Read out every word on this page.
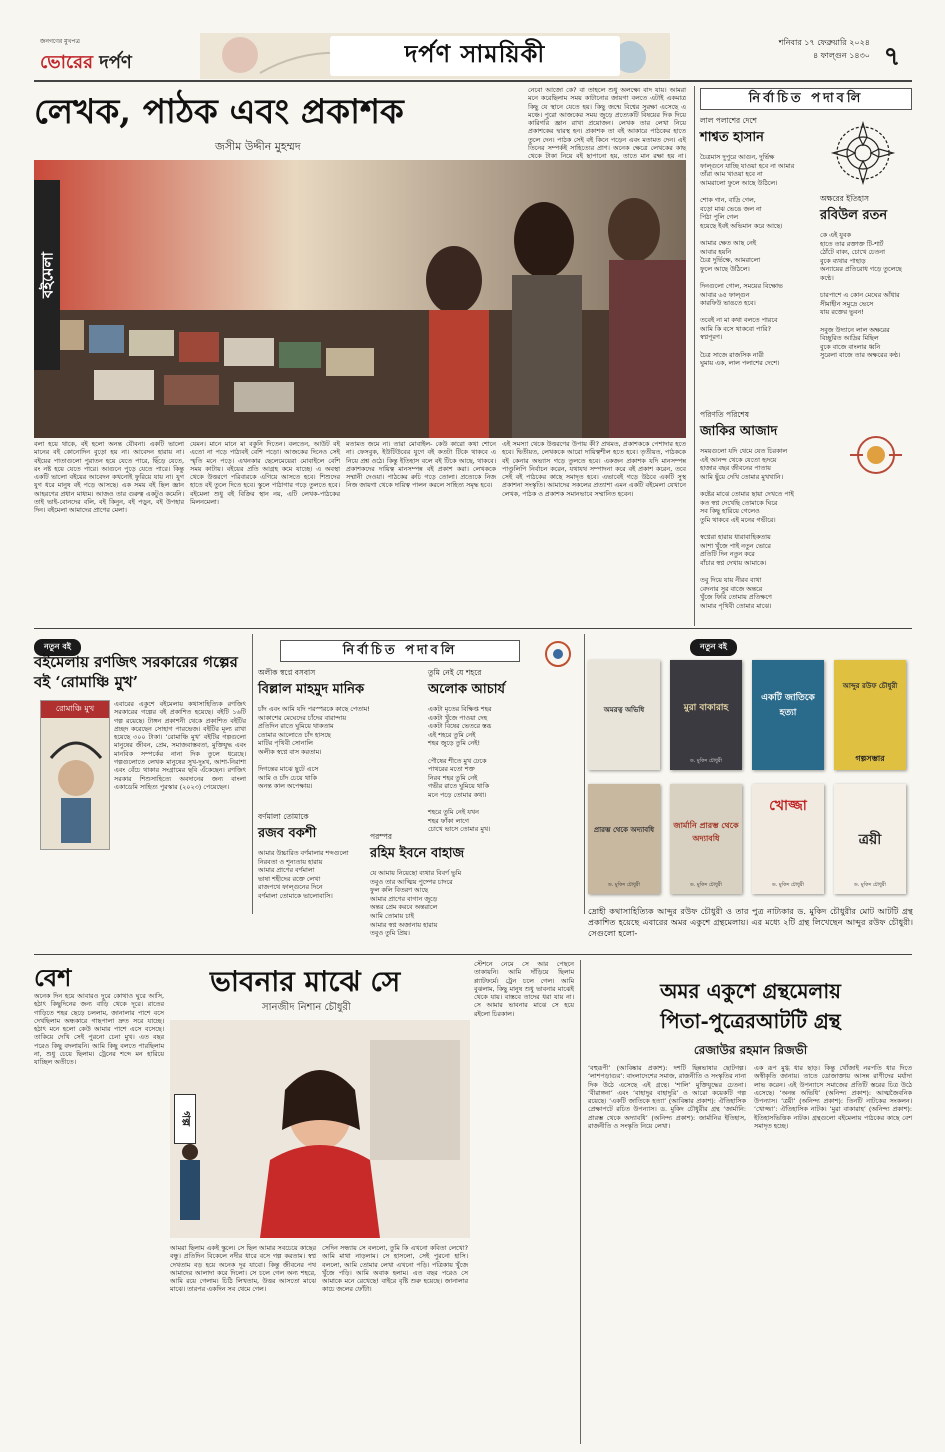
জনগণের মুখপত্র
ভোরের দর্পণ	দর্পণ সাময়িকী	শনিবার ১৭ ফেব্রুয়ারি ২০২৪
৪ ফাল্গুন ১৪৩০ ৭
লেখক, পাঠক এবং প্রকাশক
জসীম উদ্দীন মুহম্মদ
নেবো আজো কে? বা তাহলে শুধু অলক্ষ্যে বাদ যায়। আমরা মনে করেছিলাম সময় কাটানোর জায়গা বলতে এটাই একমাত্র কিছু যে স্থানে যেতে হয়। কিছু জন্মে বিশ্বের সুরক্ষা এসেছে এ মঞ্চে। পুরো আজকের সময় জুড়ে প্রত্যেকটি বিষয়ের দিক দিয়ে কারিগরি জ্ঞান রাখা প্রয়োজন। লেখক তার লেখা নিয়ে প্রকাশকের দ্বারস্থ হন। প্রকাশক তা বই আকারে পাঠকের হাতে তুলে দেন। পাঠক সেই বই কিনে পড়েন এবং মতামত দেন। এই তিনের সম্পর্কই সাহিত্যের প্রাণ। অনেক ক্ষেত্রে লেখকের কাছ থেকে টাকা নিয়ে বই ছাপানো হয়, তাতে মান রক্ষা হয় না।
বইমেলা
বলা হয়ে থাকে, বই হলো অনন্ত যৌবনা। একটি ভালো মানের বই কোনোদিন বুড়ো হয় না। আবেদন হারায় না। বইয়ের পাতাগুলো পুরাতন হয়ে যেতে পারে, ছিঁড়ে যেতে, রং নষ্ট হয়ে যেতে পারে। আগুনে পুড়ে যেতে পারে। কিন্তু একটি ভালো বইয়ের আবেদন কখনোই ফুরিয়ে যায় না। যুগ যুগ ধরে মানুষ বই পড়ে আসছে। এক সময় বই ছিল জ্ঞান আহরণের প্রধান মাধ্যম। আজও তার গুরুত্ব একটুও কমেনি। তাই ভাই-বোনদের বলি, বই কিনুন, বই পড়ুন, বই উপহার দিন। বইমেলা আমাদের প্রাণের মেলা।
যেমন। মানে মানে মা বকুনি দিতেন। বলতেন, আউট বই এতো না পড়ে পাঠ্যবই বেশি পড়ো। আজকের দিনেও সেই স্মৃতি মনে পড়ে। এখনকার ছেলেমেয়েরা মোবাইলে বেশি সময় কাটায়। বইয়ের প্রতি আগ্রহ কমে যাচ্ছে। এ অবস্থা থেকে উত্তরণে পরিবারকে এগিয়ে আসতে হবে। শিশুদের হাতে বই তুলে দিতে হবে। স্কুলে পাঠাগার গড়ে তুলতে হবে। বইমেলা শুধু বই বিক্রির স্থান নয়, এটি লেখক-পাঠকের মিলনমেলা।
মতামত জমে না। তারা মোবাইল- কেউ কারো কথা শোনে না। ফেসবুক, ইউটিউবের যুগে বই কতটা টিকে থাকবে এ নিয়ে প্রশ্ন ওঠে। কিন্তু ইতিহাস বলে বই টিকে আছে, থাকবে। প্রকাশকদের দায়িত্ব মানসম্পন্ন বই প্রকাশ করা। লেখককে সম্মানী দেওয়া। পাঠকের রুচি গড়ে তোলা। প্রত্যেকে নিজ নিজ জায়গা থেকে দায়িত্ব পালন করলে সাহিত্য সমৃদ্ধ হবে।
এই সমস্যা থেকে উত্তরণের উপায় কী? প্রথমত, প্রকাশককে পেশাদার হতে হবে। দ্বিতীয়ত, লেখককে আরো দায়িত্বশীল হতে হবে। তৃতীয়ত, পাঠককে বই কেনার অভ্যাস গড়ে তুলতে হবে। একজন প্রকাশক যদি মানসম্পন্ন পাণ্ডুলিপি নির্বাচন করেন, যথাযথ সম্পাদনা করে বই প্রকাশ করেন, তবে সেই বই পাঠকের কাছে সমাদৃত হবে। এভাবেই গড়ে উঠবে একটি সুস্থ প্রকাশনা সংস্কৃতি। আমাদের সকলের প্রত্যাশা এমন একটি বইমেলা যেখানে লেখক, পাঠক ও প্রকাশক সমানভাবে সম্মানিত হবেন।
নির্বাচিত পদাবলি
লাল পলাশের দেশে
শাশ্বত হাসান
চৈত্রমাস দুপুরে আগুন, দুর্ভিক্ষ
ফাল্গুনে যাচ্ছি যাওয়া হবে না আমার
তাঁরা আম খাওয়া হবে না
আমরালো ফুলে আছে উঠিলে।

শোক গান, বাদ্রি গেল,
বড়ো মাঝ ভেঙে জল না
পিঠা পুলি গেল
হয়েছে ইবই অভিমান করে আছে।

আমার ক্ষেত আছ নেই
আবার হয়নি
চৈত্র দুর্ভিক্ষে, আমরালো
ফুলে আছে উঠিলে।

দিনগুলো গোল, সময়ের বিক্ষোভ
আবার ৬৫ ফাল্গুন
কারফিউ ভাঙতে হবে।

তবেই না মা কথা বলতে পারবে
আমি কি বসে থাকবো পারি?
স্বপ্নপূরণ।

চৈত্র সাজে রাজসিক নারী
ঘুমায় এক, লাল পলাশের দেশে।
অক্ষরের ইতিহাস
রবিউল রতন
কে এই যুবক
হাতে তার রক্তাক্ত টি-শার্ট
ঠোঁটে বাক্য, চোখে চেতনা
বুকে ব্যথার পাহাড়
অন্যায়ের প্রতিরোধ গড়ে তুলেছে কণ্ঠে।

চারপাশে এ কোন মেঘের আঁধার
সীমাহীন সমুদ্রে ভেসে
যায় রক্তের ভুবন!

সবুজ উদ্যানে লাল অক্ষরের
বিচ্ছুরিত আদ্রির মিছিল
বুকে বাজে বাংলার ধ্বনি
সুরেলা বাজে তার অক্ষরের কণ্ঠ।
পরিণতি পরিশেষ
জাকির আজাদ
সময়গুলো যদি থেমে যেত চিরকাল
এই আনন্দ থেকে যেতো হৃদয়ে
হাজার বছর জীবনের পাতায়
আমি ছুঁয়ে দেখি তোমার মুখখানি।

কষ্টের মাঝে তোমার ছায়া দেখতে পাই
কত স্বপ্ন দেখেছি তোমাকে ঘিরে
সব কিছু হারিয়ে গেলেও
তুমি থাকবে এই মনের গভীরে।

স্বপ্নেরা হারায় ধারাবাহিকতায়
আশা খুঁজে পাই নতুন ভোরে
প্রতিটি দিন নতুন করে
বাঁচার স্বপ্ন দেখায় আমাকে।

তবু দিয়ে যায় নীরব ব্যথা
বেদনার সুর বাজে অন্তরে
খুঁজে ফিরি তোমায় প্রতিক্ষণে
আমার পৃথিবী তোমার মাঝে।
নতুন বই
বইমেলায় রণজিৎ সরকারের গল্পের বই ‘রোমাঞ্চি মুখ’
রোমাঞ্চি মুখ	এবারের একুশে বইমেলায় কথাসাহিত্যিক রণজিৎ সরকারের গল্পের বই প্রকাশিত হয়েছে। বইটি ১৬টি গল্প রয়েছে। টাঙ্গন প্রকাশনী থেকে প্রকাশিত বইটির প্রচ্ছদ করেছেন সোহাগ পারভেজ। বইটির মূল্য রাখা হয়েছে ৩০০ টাকা। ‘রোমাঞ্চি মুখ’ বইটির গল্পগুলো মানুষের জীবন, প্রেম, সমাজবাস্তবতা, মুক্তিযুদ্ধ এবং মানবিক সম্পর্কের নানা দিক তুলে ধরেছে। গল্পগুলোতে লেখক মানুষের সুখ-দুঃখ, আশা-নিরাশা এবং বেঁচে থাকার সংগ্রামের ছবি এঁকেছেন। রণজিৎ সরকার শিশুসাহিত্যে অবদানের জন্য বাংলা একাডেমি সাহিত্য পুরস্কার (২০২৩) পেয়েছেন।

নির্বাচিত পদাবলি
অলীক স্বপ্নে বসবাস
বিল্লাল মাহমুদ মানিক
চাঁদ এবং আমি যদি পরস্পরকে কাছে পেতাম!
আকাশের মেঘেদের চাঁদের বারান্দায়
প্রতিদিন রাতে ঘুমিয়ে থাকতাম
তোমার আলোতে চাঁদ হাসছে
মাটির পৃথিবী সোনালি
অলীক স্বপ্নে বাস করতাম।

দিগন্তের মাঝে ছুটে এসে
আমি ও চাঁদ চেয়ে থাকি
অনন্ত কাল অপেক্ষায়।
বর্ণমালা তোমাকে
রজব বকশী
আমার উচ্চারিত বর্ণমালার শব্দগুলো
নিরবতা ও শূন্যতায় হারায়
আমার প্রাণের বর্ণমালা
ভাষা শহীদের রক্তে লেখা
রাজপথে ফাল্গুনের দিনে
বর্ণমালা তোমাকে ভালোবাসি।
তুমি নেই যে শহরে
অলোক আচার্য
একটা মৃতের বিক্ষিপ্ত শহর
একটা খুঁজে পাওয়া দেহ
একটা বিষের ভেতরে স্তব্ধ
এই শহরে তুমি নেই
শহর জুড়ে তুমি নেই!

পৌষের শীতে মুখ ঢেকে
পাথরের মতো শক্ত
নিরব শহর তুমি নেই
গভীর রাতে ঘুমিয়ে থাকি
মনে পড়ে তোমার কথা।

শহরে তুমি নেই যখন
শহর ফাঁকা লাগে
চোখে ভাসে তোমার মুখ।
পরম্পর
রহিম ইবনে বাহাজ
যে আমায় নিয়েছো ব্যথার বিবর্ণ ভুমি
তবুও তার আত্মিয় পুষ্পের চাদরে
ফুল কলি বিতরণ আছে
আমার প্রাণের বাগান জুড়ে
অন্তর প্রেম করবে অন্তরালে
আমি তোমায় চাই
আমার স্বপ্ন অজানায় হারায়
তবুও তুমি প্রিয়।
নতুন বই
অমরত্ব অভিধি	মুরা বাকারাহ
ড. মুকিদ চৌধুরী
একটি জাতিকে হত্যা
আব্দুর রউফ চৌধুরী
গল্পসম্ভার
প্রারম্ভ থেকে অদ্যাবধি
ড. মুকিদ চৌধুরী
জার্মানি প্রারম্ভ থেকে অদ্যাবধি
ড. মুকিদ চৌধুরী
খোজ্জা
ড. মুকিদ চৌধুরী
ত্রয়ী
ড. মুকিদ চৌধুরী
দ্রোহী কথাসাহিত্যিক আব্দুর রউফ চৌধুরী ও তার পুত্র নাট্যকার ড. মুকিদ চৌধুরীর মোট আটটি গ্রন্থ প্রকাশিত হয়েছে এবারের অমর একুশে গ্রন্থমেলায়। এর মধ্যে ২টি গ্রন্থ লিখেছেন আব্দুর রউফ চৌধুরী। সেগুলো হলো-
বেশ	ভাবনার মাঝে সে
সানজীদ নিশান চৌধুরী
অনেক দিন হয়ে আবারও দুরে কোথাও ঘুরে আসি, হঠাৎ কিছুদিনের জন্য বাড়ি থেকে দূরে। রাতের গাড়িতে শহর ছেড়ে চললাম, জানালার পাশে বসে দেখছিলাম অন্ধকারে গাছপালা দ্রুত সরে যাচ্ছে। হঠাৎ মনে হলো কেউ আমার পাশে এসে বসেছে। তাকিয়ে দেখি সেই পুরনো চেনা মুখ। এত বছর পরেও কিছু বদলায়নি। আমি কিছু বলতে পারছিলাম না, শুধু চেয়ে ছিলাম। ট্রেনের শব্দে মন হারিয়ে যাচ্ছিল অতীতে।
গল্প
আমরা ছিলাম একই স্কুলে। সে ছিল আমার সবচেয়ে কাছের বন্ধু। প্রতিদিন বিকেলে নদীর ধারে বসে গল্প করতাম। স্বপ্ন দেখতাম বড় হয়ে অনেক দূর যাবো। কিন্তু জীবনের পথ আমাদের আলাদা করে দিলো। সে চলে গেল অন্য শহরে, আমি রয়ে গেলাম। চিঠি লিখতাম, উত্তর আসতো মাঝে মাঝে। তারপর একদিন সব থেমে গেল।
সেদিন সন্ধ্যায় সে বললো, তুমি কি এখনো কবিতা লেখো? আমি মাথা নাড়লাম। সে হাসলো, সেই পুরনো হাসি। বললো, আমি তোমার লেখা এখনো পড়ি। পত্রিকায় খুঁজে খুঁজে পড়ি। আমি অবাক হলাম। এত বছর পরেও সে আমাকে মনে রেখেছে! বাইরে বৃষ্টি শুরু হয়েছে। জানালার কাচে জলের ফোঁটা।
স্টেশনে নেমে সে আর পেছনে তাকায়নি। আমি দাঁড়িয়ে ছিলাম প্ল্যাটফর্মে। ট্রেন চলে গেল। আমি বুঝলাম, কিছু মানুষ শুধু ভাবনার মাঝেই থেকে যায়। বাস্তবে তাদের ধরা যায় না। সে আমার ভাবনার মাঝে সে হয়ে রইলো চিরকাল।
অমর একুশে গ্রন্থমেলায়
পিতা-পুত্রেরআটটি গ্রন্থ
রেজাউর রহমান রিজভী
‘বহুরূপী’ (আবিষ্কার প্রকাশ): দশটি ছিন্নভাষার ছোটগল্প। ‘লাশপড়াগুর’: বাংলাদেশের সমাজ, রাজনীতি ও সংস্কৃতির নানা দিক উঠে এসেছে এই গ্রন্থে। ‘শালি’ মুক্তিযুদ্ধের চেতনা। ‘বীরাঙ্গনা’ এবং ‘বাহাদুর বাহাদুরি’ ও আরো কয়েকটি গল্প রয়েছে। ‘একটি জাতিকে হত্যা’ (আবিষ্কার প্রকাশ): ঐতিহাসিক প্রেক্ষাপটে রচিত উপন্যাস। ড. মুকিদ চৌধুরীর গ্রন্থ ‘জার্মানি: প্রারম্ভ থেকে অদ্যাবধি’ (অনিন্দ্য প্রকাশ): জার্মানির ইতিহাস, রাজনীতি ও সংস্কৃতি নিয়ে লেখা।
এক রূপ মুগ্ধ ধার ছাড়। কিন্তু খোঁজাই নরপতি ধার দিতে অস্বীকৃতি জানায়। তাতে ডোজাক্তায় আসন্ন রাণীদের মর্যাদা লাভ করেন। এই উপন্যাসে সমাজের প্রতিটি স্তরের চিত্র উঠে এসেছে। ‘অনন্ত অভিধি’ (অনিন্দ্য প্রকাশ): আত্মজৈবনিক উপন্যাস। ‘ত্রয়ী’ (অনিন্দ্য প্রকাশ): তিনটি নাটকের সংকলন। ‘খোজ্জা’: ঐতিহাসিক নাটক। ‘মুরা বাকারাহ’ (অনিন্দ্য প্রকাশ): ইতিহাসভিত্তিক নাটক। গ্রন্থগুলো বইমেলায় পাঠকের কাছে বেশ সমাদৃত হচ্ছে।
